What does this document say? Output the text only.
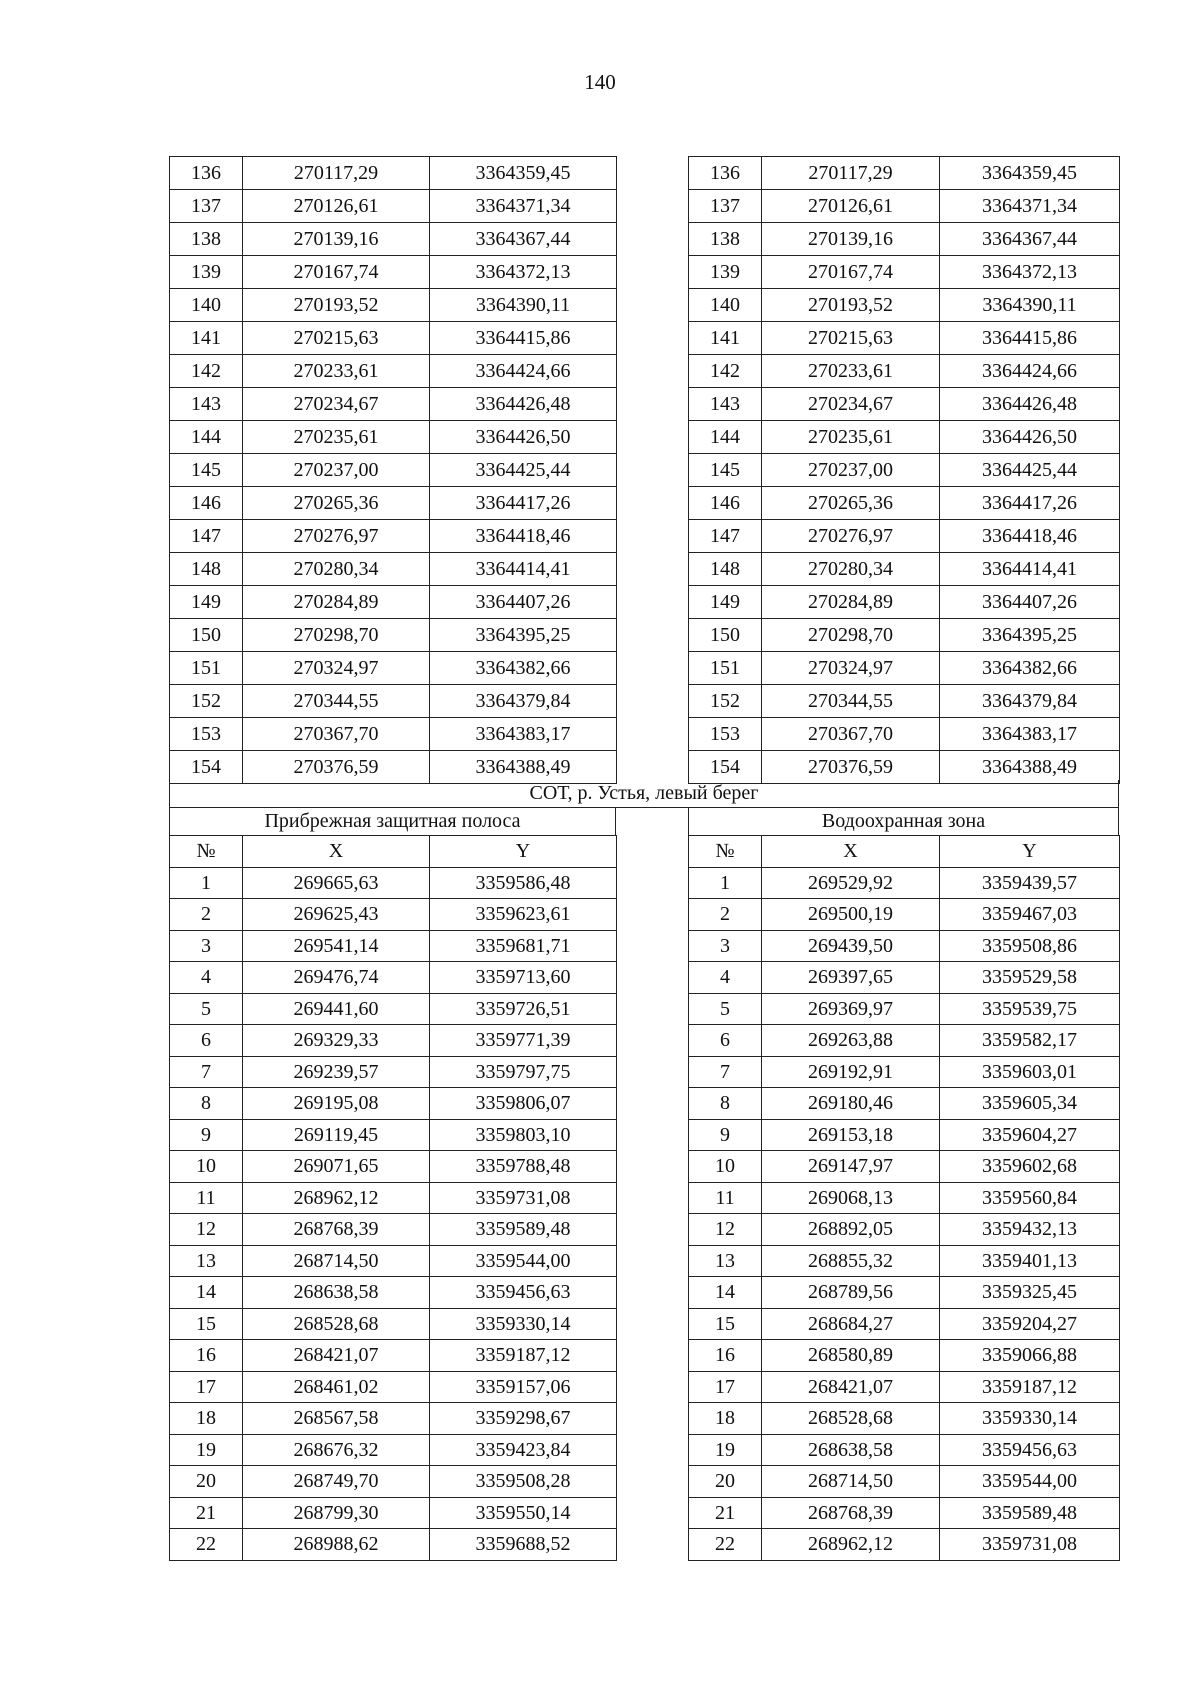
140
136	270117,29	3364359,45
137	270126,61	3364371,34
138	270139,16	3364367,44
139	270167,74	3364372,13
140	270193,52	3364390,11
141	270215,63	3364415,86
142	270233,61	3364424,66
143	270234,67	3364426,48
144	270235,61	3364426,50
145	270237,00	3364425,44
146	270265,36	3364417,26
147	270276,97	3364418,46
148	270280,34	3364414,41
149	270284,89	3364407,26
150	270298,70	3364395,25
151	270324,97	3364382,66
152	270344,55	3364379,84
153	270367,70	3364383,17
154	270376,59	3364388,49
136	270117,29	3364359,45
137	270126,61	3364371,34
138	270139,16	3364367,44
139	270167,74	3364372,13
140	270193,52	3364390,11
141	270215,63	3364415,86
142	270233,61	3364424,66
143	270234,67	3364426,48
144	270235,61	3364426,50
145	270237,00	3364425,44
146	270265,36	3364417,26
147	270276,97	3364418,46
148	270280,34	3364414,41
149	270284,89	3364407,26
150	270298,70	3364395,25
151	270324,97	3364382,66
152	270344,55	3364379,84
153	270367,70	3364383,17
154	270376,59	3364388,49
СОТ, р. Устья, левый берег
Прибрежная защитная полоса	Водоохранная зона
№	X	Y
1	269665,63	3359586,48
2	269625,43	3359623,61
3	269541,14	3359681,71
4	269476,74	3359713,60
5	269441,60	3359726,51
6	269329,33	3359771,39
7	269239,57	3359797,75
8	269195,08	3359806,07
9	269119,45	3359803,10
10	269071,65	3359788,48
11	268962,12	3359731,08
12	268768,39	3359589,48
13	268714,50	3359544,00
14	268638,58	3359456,63
15	268528,68	3359330,14
16	268421,07	3359187,12
17	268461,02	3359157,06
18	268567,58	3359298,67
19	268676,32	3359423,84
20	268749,70	3359508,28
21	268799,30	3359550,14
22	268988,62	3359688,52
№	X	Y
1	269529,92	3359439,57
2	269500,19	3359467,03
3	269439,50	3359508,86
4	269397,65	3359529,58
5	269369,97	3359539,75
6	269263,88	3359582,17
7	269192,91	3359603,01
8	269180,46	3359605,34
9	269153,18	3359604,27
10	269147,97	3359602,68
11	269068,13	3359560,84
12	268892,05	3359432,13
13	268855,32	3359401,13
14	268789,56	3359325,45
15	268684,27	3359204,27
16	268580,89	3359066,88
17	268421,07	3359187,12
18	268528,68	3359330,14
19	268638,58	3359456,63
20	268714,50	3359544,00
21	268768,39	3359589,48
22	268962,12	3359731,08
